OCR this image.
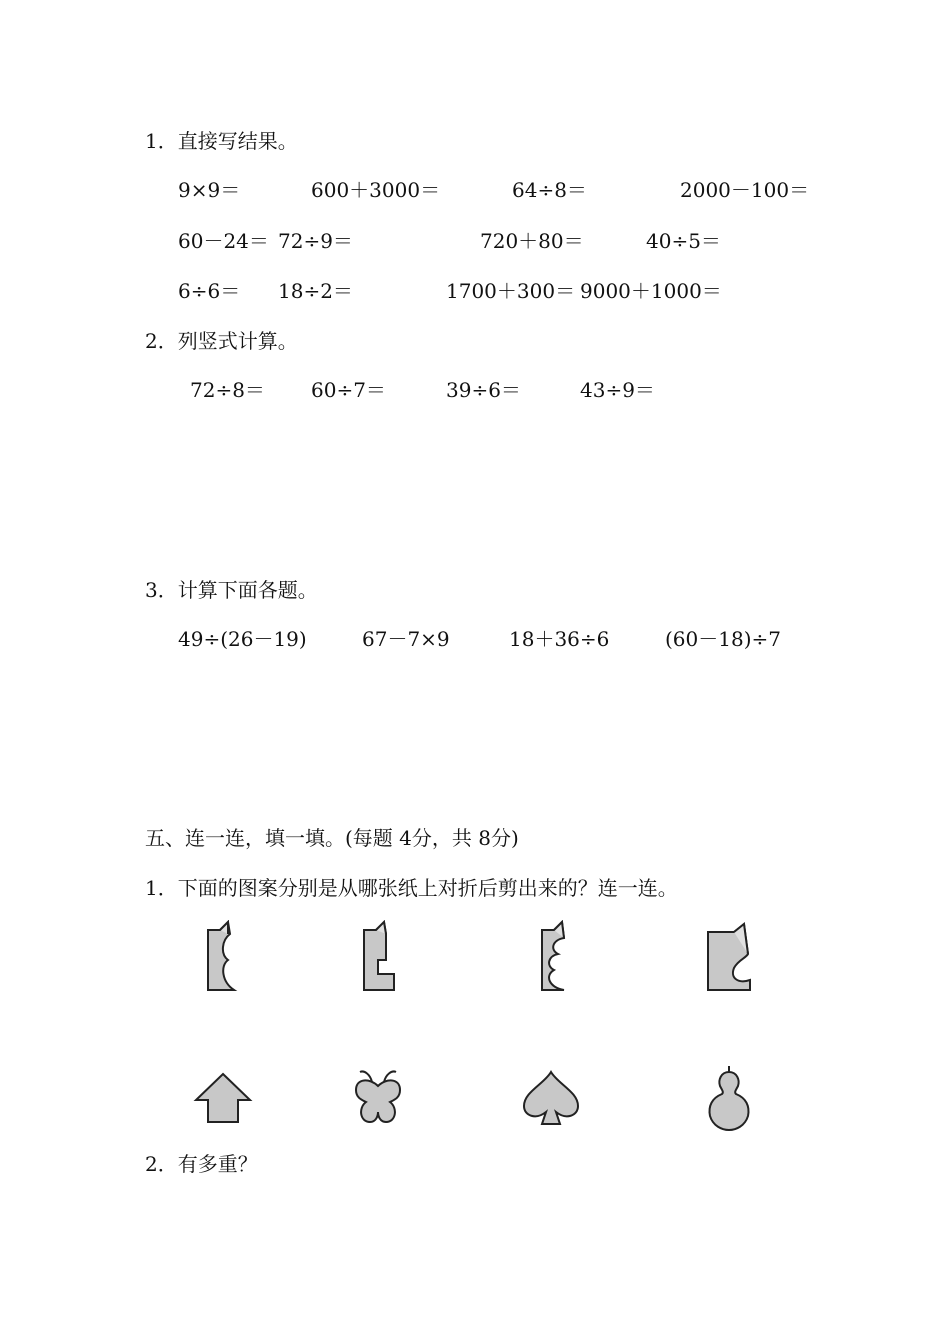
1．直接写结果。
9×9＝	600＋3000＝	64÷8＝	2000－100＝
60－24＝ 72÷9＝	720＋80＝	40÷5＝
6÷6＝ 18÷2＝	1700＋300＝ 9000＋1000＝
2．列竖式计算。
72÷8＝ 60÷7＝	39÷6＝	43÷9＝
3．计算下面各题。
49÷(26－19)	67－7×9	18＋36÷6	(60－18)÷7
五、连一连，填一填。(每题 4分，共 8分)
1．下面的图案分别是从哪张纸上对折后剪出来的？连一连。
2．有多重？
